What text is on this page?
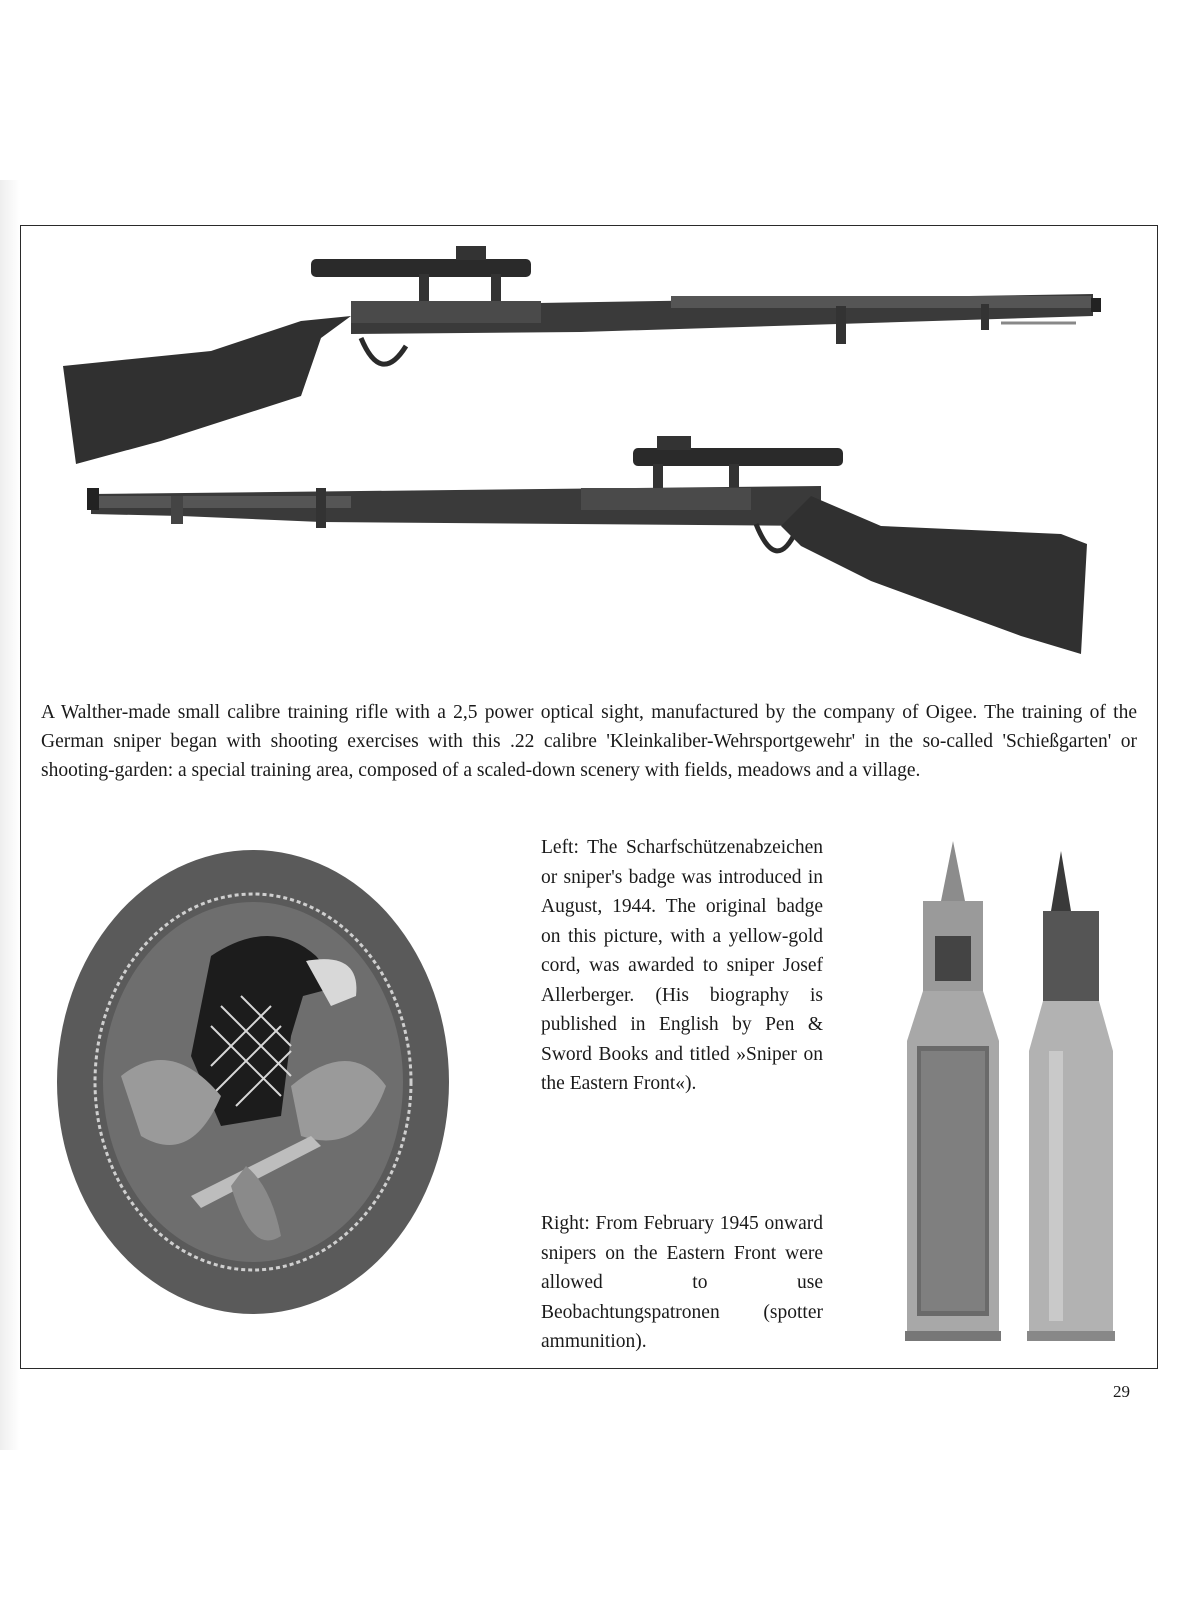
A Walther-made small calibre training rifle with a 2,5 power optical sight, manufactured by the company of Oigee. The training of the German sniper began with shooting exercises with this .22 calibre 'Kleinkaliber-Wehrsportgewehr' in the so-called 'Schießgarten' or shooting-garden: a special training area, composed of a scaled-down scenery with fields, meadows and a village.
Left: The Scharfschützenabzeichen or sniper's badge was introduced in August, 1944. The original badge on this picture, with a yellow-gold cord, was awarded to sniper Josef Allerberger. (His biography is published in English by Pen & Sword Books and titled »Sniper on the Eastern Front«).
Right: From February 1945 onward snipers on the Eastern Front were allowed to use Beobachtungspatronen (spotter ammunition).
29
